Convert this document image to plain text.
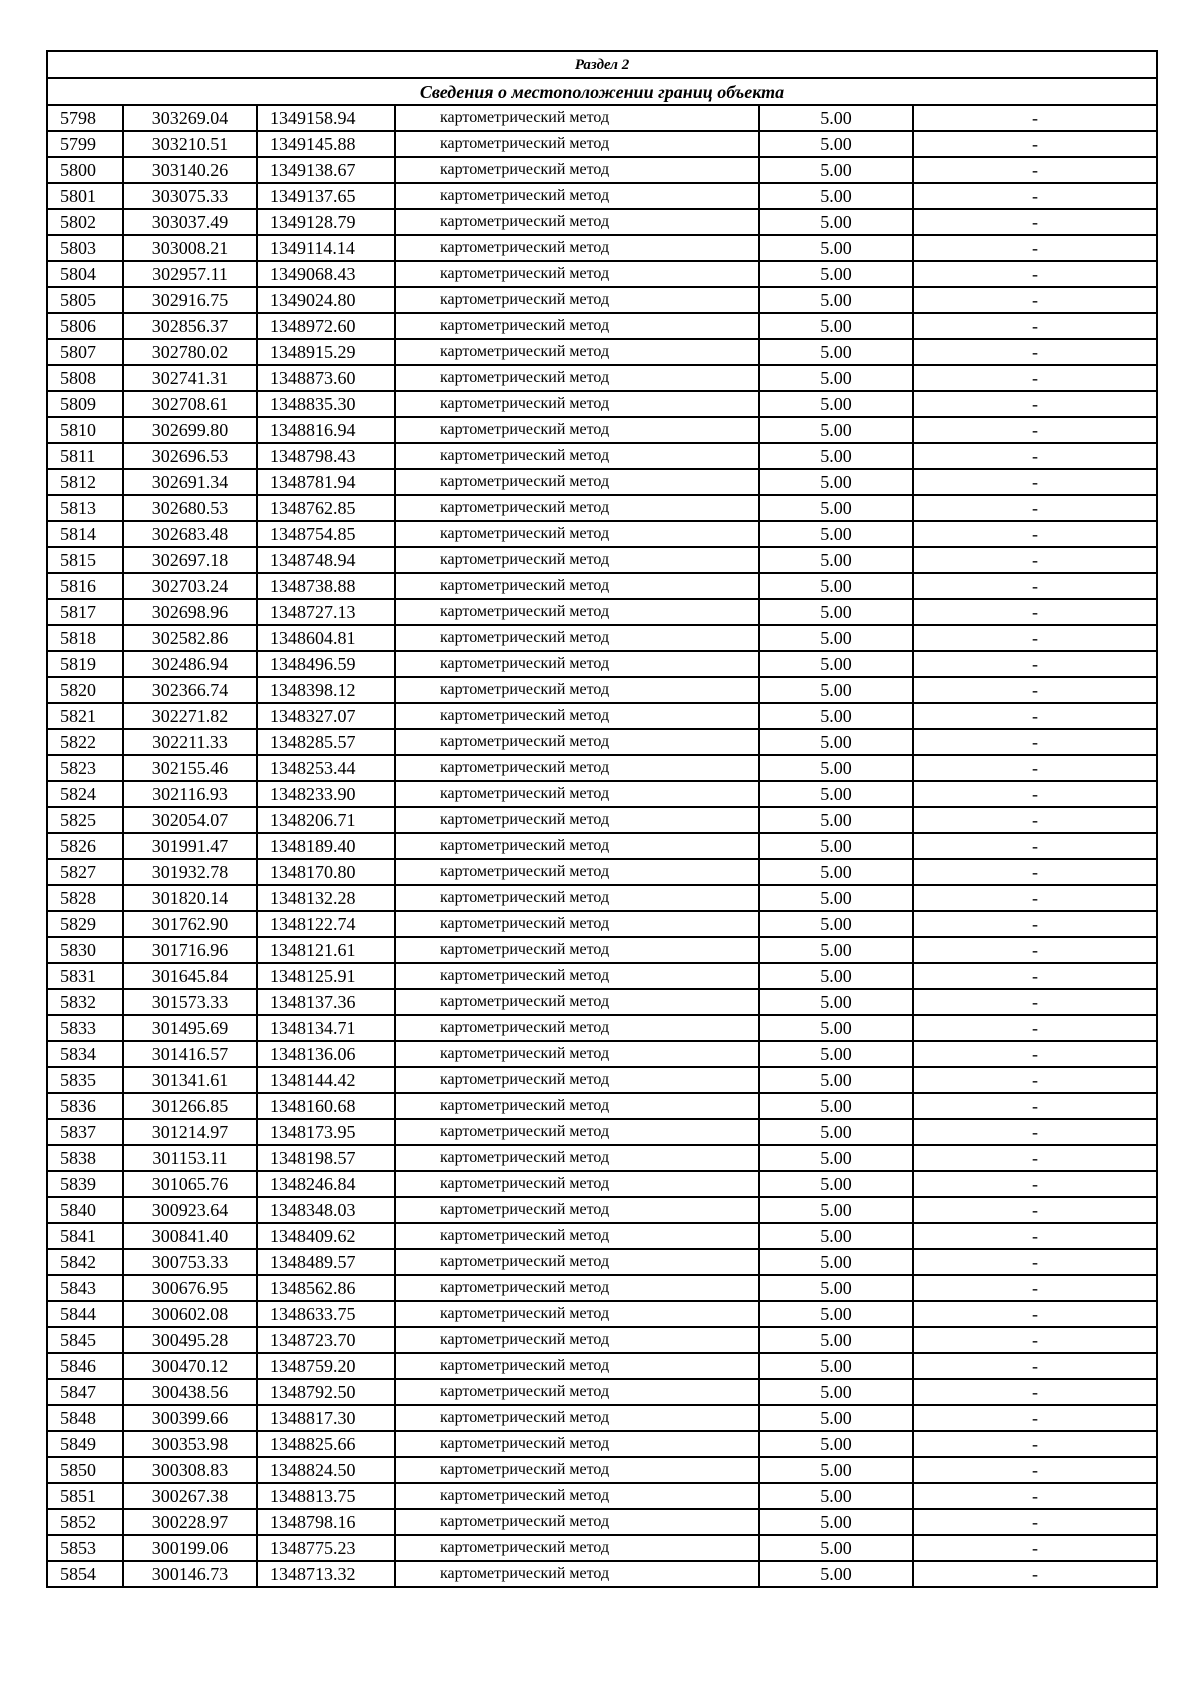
Раздел 2					
Сведения о местоположении границ объекта					
5798	303269.04	1349158.94	картометрический метод	5.00	-
5799	303210.51	1349145.88	картометрический метод	5.00	-
5800	303140.26	1349138.67	картометрический метод	5.00	-
5801	303075.33	1349137.65	картометрический метод	5.00	-
5802	303037.49	1349128.79	картометрический метод	5.00	-
5803	303008.21	1349114.14	картометрический метод	5.00	-
5804	302957.11	1349068.43	картометрический метод	5.00	-
5805	302916.75	1349024.80	картометрический метод	5.00	-
5806	302856.37	1348972.60	картометрический метод	5.00	-
5807	302780.02	1348915.29	картометрический метод	5.00	-
5808	302741.31	1348873.60	картометрический метод	5.00	-
5809	302708.61	1348835.30	картометрический метод	5.00	-
5810	302699.80	1348816.94	картометрический метод	5.00	-
5811	302696.53	1348798.43	картометрический метод	5.00	-
5812	302691.34	1348781.94	картометрический метод	5.00	-
5813	302680.53	1348762.85	картометрический метод	5.00	-
5814	302683.48	1348754.85	картометрический метод	5.00	-
5815	302697.18	1348748.94	картометрический метод	5.00	-
5816	302703.24	1348738.88	картометрический метод	5.00	-
5817	302698.96	1348727.13	картометрический метод	5.00	-
5818	302582.86	1348604.81	картометрический метод	5.00	-
5819	302486.94	1348496.59	картометрический метод	5.00	-
5820	302366.74	1348398.12	картометрический метод	5.00	-
5821	302271.82	1348327.07	картометрический метод	5.00	-
5822	302211.33	1348285.57	картометрический метод	5.00	-
5823	302155.46	1348253.44	картометрический метод	5.00	-
5824	302116.93	1348233.90	картометрический метод	5.00	-
5825	302054.07	1348206.71	картометрический метод	5.00	-
5826	301991.47	1348189.40	картометрический метод	5.00	-
5827	301932.78	1348170.80	картометрический метод	5.00	-
5828	301820.14	1348132.28	картометрический метод	5.00	-
5829	301762.90	1348122.74	картометрический метод	5.00	-
5830	301716.96	1348121.61	картометрический метод	5.00	-
5831	301645.84	1348125.91	картометрический метод	5.00	-
5832	301573.33	1348137.36	картометрический метод	5.00	-
5833	301495.69	1348134.71	картометрический метод	5.00	-
5834	301416.57	1348136.06	картометрический метод	5.00	-
5835	301341.61	1348144.42	картометрический метод	5.00	-
5836	301266.85	1348160.68	картометрический метод	5.00	-
5837	301214.97	1348173.95	картометрический метод	5.00	-
5838	301153.11	1348198.57	картометрический метод	5.00	-
5839	301065.76	1348246.84	картометрический метод	5.00	-
5840	300923.64	1348348.03	картометрический метод	5.00	-
5841	300841.40	1348409.62	картометрический метод	5.00	-
5842	300753.33	1348489.57	картометрический метод	5.00	-
5843	300676.95	1348562.86	картометрический метод	5.00	-
5844	300602.08	1348633.75	картометрический метод	5.00	-
5845	300495.28	1348723.70	картометрический метод	5.00	-
5846	300470.12	1348759.20	картометрический метод	5.00	-
5847	300438.56	1348792.50	картометрический метод	5.00	-
5848	300399.66	1348817.30	картометрический метод	5.00	-
5849	300353.98	1348825.66	картометрический метод	5.00	-
5850	300308.83	1348824.50	картометрический метод	5.00	-
5851	300267.38	1348813.75	картометрический метод	5.00	-
5852	300228.97	1348798.16	картометрический метод	5.00	-
5853	300199.06	1348775.23	картометрический метод	5.00	-
5854	300146.73	1348713.32	картометрический метод	5.00	-
